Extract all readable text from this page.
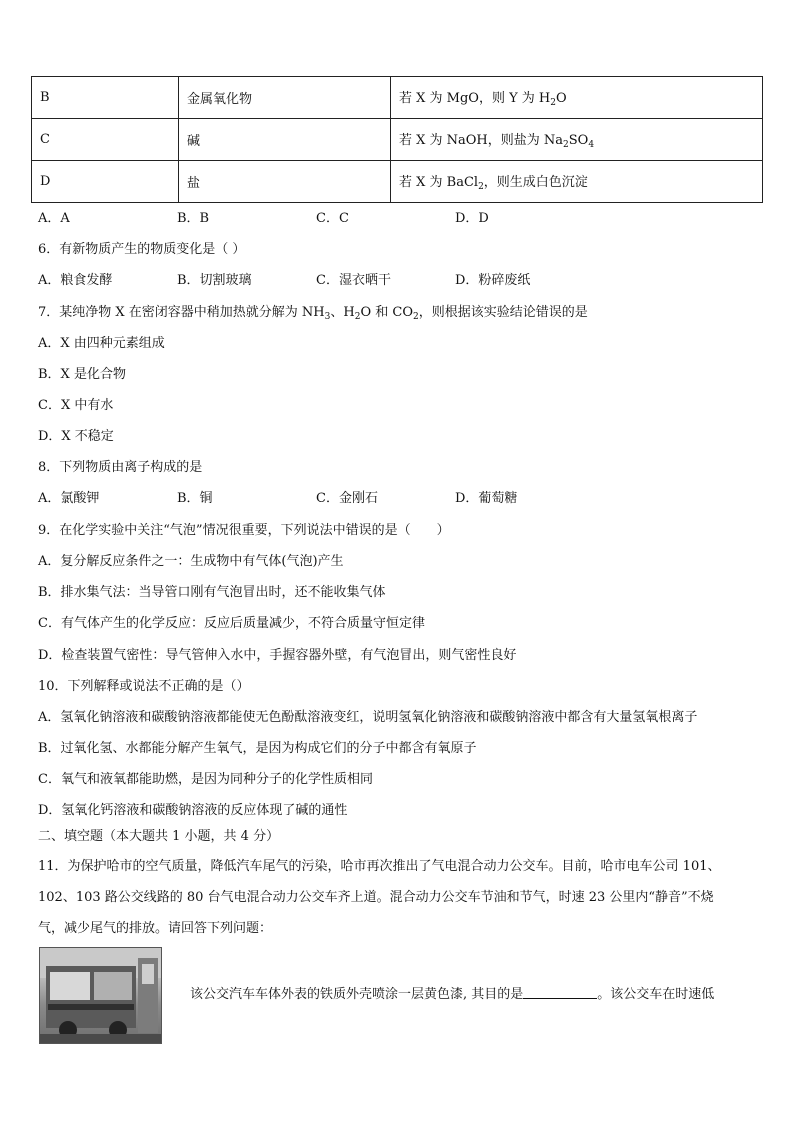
B	金属氧化物	若 X 为 MgO，则 Y 为 $H_2O$
C	碱	若 X 为 NaOH，则盐为 $Na_2SO_4$
D	盐	若 X 为 BaCl$_2$，则生成白色沉淀
A．A	B．B	C．C	D．D
6．有新物质产生的物质变化是（ ）
A．粮食发酵	B．切割玻璃	C．湿衣晒干	D．粉碎废纸
7．某纯净物 X 在密闭容器中稍加热就分解为 $NH_3$、$H_2O$ 和 $CO_2$，则根据该实验结论错误的是
A．X 由四种元素组成
B．X 是化合物
C．X 中有水
D．X 不稳定
8．下列物质由离子构成的是
A．氯酸钾	B．铜	C．金刚石	D．葡萄糖
9．在化学实验中关注“气泡”情况很重要，下列说法中错误的是（　　）
A．复分解反应条件之一：生成物中有气体(气泡)产生
B．排水集气法：当导管口刚有气泡冒出时，还不能收集气体
C．有气体产生的化学反应：反应后质量减少，不符合质量守恒定律
D．检查装置气密性：导气管伸入水中，手握容器外壁，有气泡冒出，则气密性良好
10．下列解释或说法不正确的是（）
A．氢氧化钠溶液和碳酸钠溶液都能使无色酚酞溶液变红，说明氢氧化钠溶液和碳酸钠溶液中都含有大量氢氧根离子
B．过氧化氢、水都能分解产生氧气，是因为构成它们的分子中都含有氧原子
C．氧气和液氧都能助燃，是因为同种分子的化学性质相同
D．氢氧化钙溶液和碳酸钠溶液的反应体现了碱的通性
二、填空题（本大题共 1 小题，共 4 分）
11．为保护哈市的空气质量，降低汽车尾气的污染，哈市再次推出了气电混合动力公交车。目前，哈市电车公司 101、
102、103 路公交线路的 80 台气电混合动力公交车齐上道。混合动力公交车节油和节气，时速 23 公里内“静音”不烧
气，减少尾气的排放。请回答下列问题：
该公交汽车车体外表的铁质外壳喷涂一层黄色漆, 其目的是	。该公交车在时速低
